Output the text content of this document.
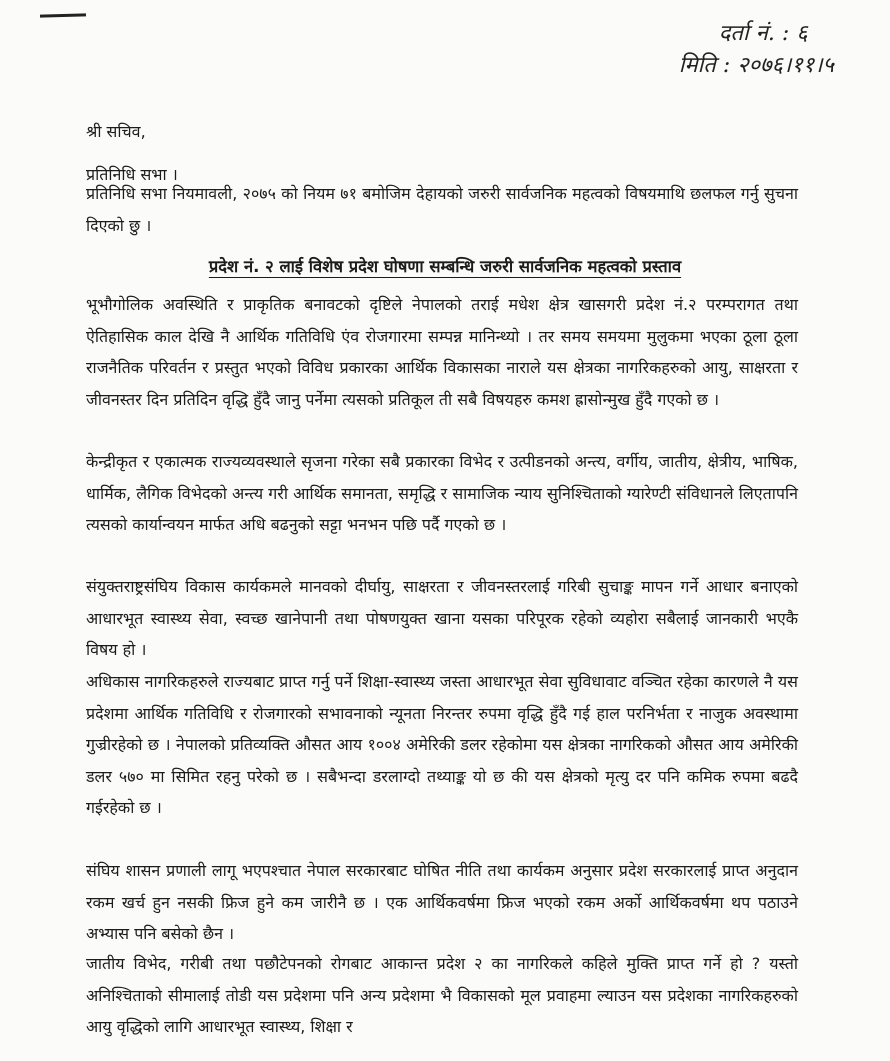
दर्ता नं. : ६
मिति : २०७६।११।५
श्री सचिव,
प्रतिनिधि सभा ।
प्रतिनिधि सभा नियमावली, २०७५ को नियम ७१ बमोजिम देहायको जरुरी सार्वजनिक महत्वको विषयमाथि छलफल गर्नु सुचना दिएको छु ।
प्रदेश नं. २ लाई विशेष प्रदेश घोषणा सम्बन्धि जरुरी सार्वजनिक महत्वको प्रस्ताव
भूभौगोलिक अवस्थिति र प्राकृतिक बनावटको दृष्टिले नेपालको तराई मधेश क्षेत्र खासगरी प्रदेश नं.२ परम्परागत तथा ऐतिहासिक काल देखि नै आर्थिक गतिविधि एंव रोजगारमा सम्पन्न मानिन्थ्यो । तर समय समयमा मुलुकमा भएका ठूला ठूला राजनैतिक परिवर्तन र प्रस्तुत भएको विविध प्रकारका आर्थिक विकासका नाराले यस क्षेत्रका नागरिकहरुको आयु, साक्षरता र जीवनस्तर दिन प्रतिदिन वृद्धि हुँदै जानु पर्नेमा त्यसको प्रतिकूल ती सबै विषयहरु कमश ह्रासोन्मुख हुँदै गएको छ ।
केन्द्रीकृत र एकात्मक राज्यव्यवस्थाले सृजना गरेका सबै प्रकारका विभेद र उत्पीडनको अन्त्य, वर्गीय, जातीय, क्षेत्रीय, भाषिक, धार्मिक, लैगिक विभेदको अन्त्य गरी आर्थिक समानता, समृद्धि र सामाजिक न्याय सुनिश्चिताको ग्यारेण्टी संविधानले लिएतापनि त्यसको कार्यान्वयन मार्फत अधि बढनुको सट्टा भनभन पछि पर्दै गएको छ ।
संयुक्तराष्ट्रसंघिय विकास कार्यकमले मानवको दीर्घायु, साक्षरता र जीवनस्तरलाई गरिबी सुचाङ्क मापन गर्ने आधार बनाएको आधारभूत स्वास्थ्य सेवा, स्वच्छ खानेपानी तथा पोषणयुक्त खाना यसका परिपूरक रहेको व्यहोरा सबैलाई जानकारी भएकै विषय हो ।
अधिकास नागरिकहरुले राज्यबाट प्राप्त गर्नु पर्ने शिक्षा-स्वास्थ्य जस्ता आधारभूत सेवा सुविधावाट वञ्चित रहेका कारणले नै यस प्रदेशमा आर्थिक गतिविधि र रोजगारको सभावनाको न्यूनता निरन्तर रुपमा वृद्धि हुँदै गई हाल परनिर्भता र नाजुक अवस्थामा गुज्रीरहेको छ । नेपालको प्रतिव्यक्ति औसत आय १००४ अमेरिकी डलर रहेकोमा यस क्षेत्रका नागरिकको औसत आय अमेरिकी डलर ५७० मा सिमित रहनु परेको छ । सबैभन्दा डरलाग्दो तथ्याङ्क यो छ की यस क्षेत्रको मृत्यु दर पनि कमिक रुपमा बढदै गईरहेको छ ।
संघिय शासन प्रणाली लागू भएपश्चात नेपाल सरकारबाट घोषित नीति तथा कार्यकम अनुसार प्रदेश सरकारलाई प्राप्त अनुदान रकम खर्च हुन नसकी फ्रिज हुने कम जारीनै छ । एक आर्थिकवर्षमा फ्रिज भएको रकम अर्को आर्थिकवर्षमा थप पठाउने अभ्यास पनि बसेको छैन ।
जातीय विभेद, गरीबी तथा पछौटेपनको रोगबाट आकान्त प्रदेश २ का नागरिकले कहिले मुक्ति प्राप्त गर्ने हो ? यस्तो अनिश्चिताको सीमालाई तोडी यस प्रदेशमा पनि अन्य प्रदेशमा भै विकासको मूल प्रवाहमा ल्याउन यस प्रदेशका नागरिकहरुको आयु वृद्धिको लागि आधारभूत स्वास्थ्य, शिक्षा र
